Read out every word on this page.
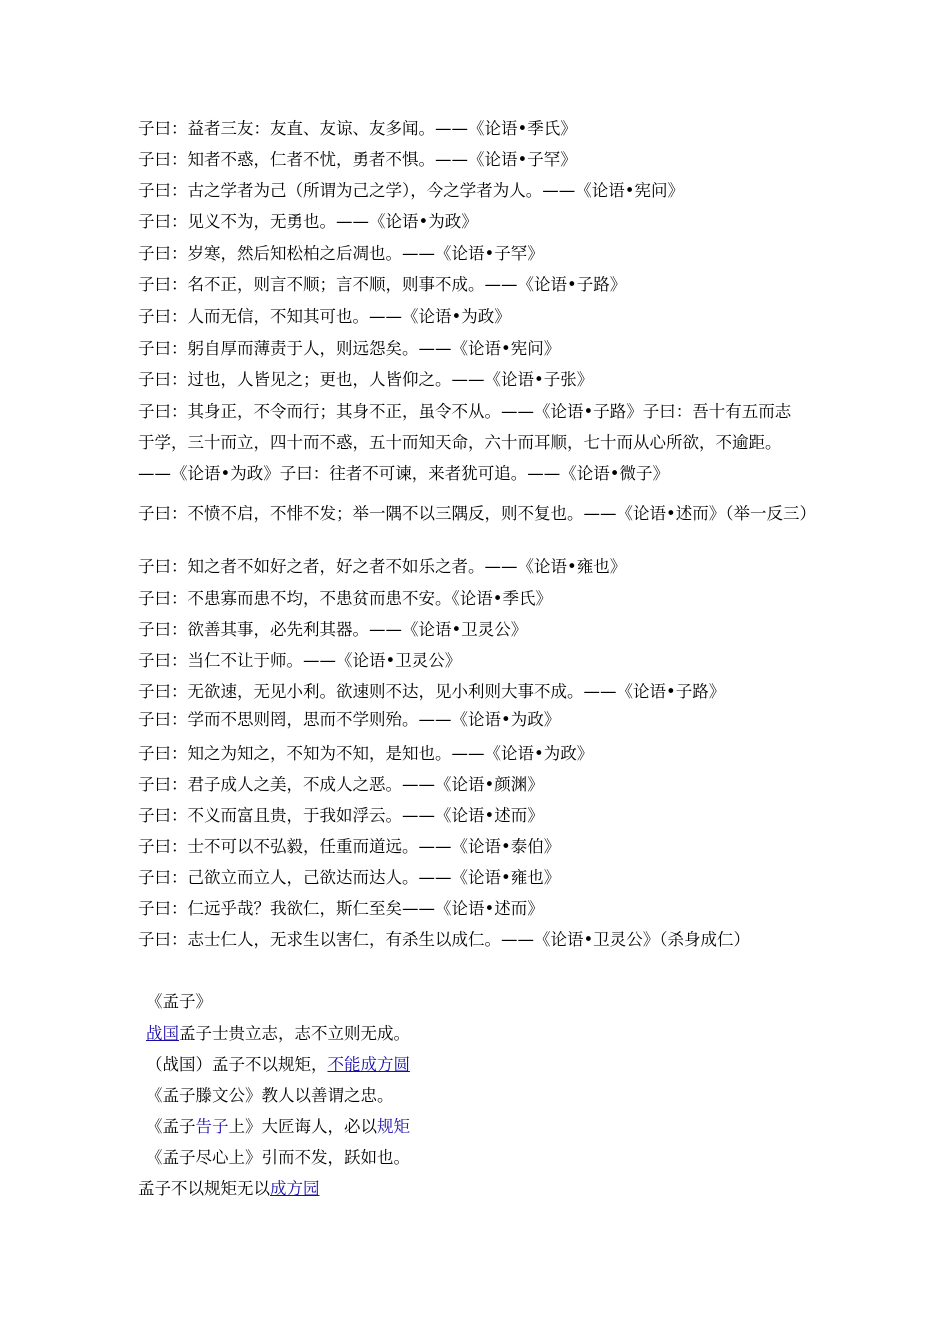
子曰：益者三友：友直、友谅、友多闻。——《论语•季氏》
子曰：知者不惑，仁者不忧，勇者不惧。——《论语•子罕》
子曰：古之学者为己（所谓为己之学），今之学者为人。——《论语•宪问》
子曰：见义不为，无勇也。——《论语•为政》
子曰：岁寒，然后知松柏之后凋也。——《论语•子罕》
子曰：名不正，则言不顺；言不顺，则事不成。——《论语•子路》
子曰：人而无信，不知其可也。——《论语•为政》
子曰：躬自厚而薄责于人，则远怨矣。——《论语•宪问》
子曰：过也，人皆见之；更也，人皆仰之。——《论语•子张》
子曰：其身正，不令而行；其身不正，虽令不从。——《论语•子路》子曰：吾十有五而志
于学，三十而立，四十而不惑，五十而知天命，六十而耳顺，七十而从心所欲，不逾距。
——《论语•为政》子曰：往者不可谏，来者犹可追。——《论语•微子》
子曰：不愤不启，不悱不发；举一隅不以三隅反，则不复也。——《论语•述而》（举一反三）
子曰：知之者不如好之者，好之者不如乐之者。——《论语•雍也》
子曰：不患寡而患不均，不患贫而患不安。《论语•季氏》
子曰：欲善其事，必先利其器。——《论语•卫灵公》
子曰：当仁不让于师。——《论语•卫灵公》
子曰：无欲速，无见小利。欲速则不达，见小利则大事不成。——《论语•子路》
子曰：学而不思则罔，思而不学则殆。——《论语•为政》
子曰：知之为知之，不知为不知，是知也。——《论语•为政》
子曰：君子成人之美，不成人之恶。——《论语•颜渊》
子曰：不义而富且贵，于我如浮云。——《论语•述而》
子曰：士不可以不弘毅，任重而道远。——《论语•泰伯》
子曰：己欲立而立人，己欲达而达人。——《论语•雍也》
子曰：仁远乎哉？我欲仁，斯仁至矣——《论语•述而》
子曰：志士仁人，无求生以害仁，有杀生以成仁。——《论语•卫灵公》（杀身成仁）
《孟子》
战国孟子士贵立志，志不立则无成。
（战国）孟子不以规矩，不能成方圆
《孟子滕文公》教人以善谓之忠。
《孟子告子上》大匠诲人，必以规矩
《孟子尽心上》引而不发，跃如也。
孟子不以规矩无以成方园
